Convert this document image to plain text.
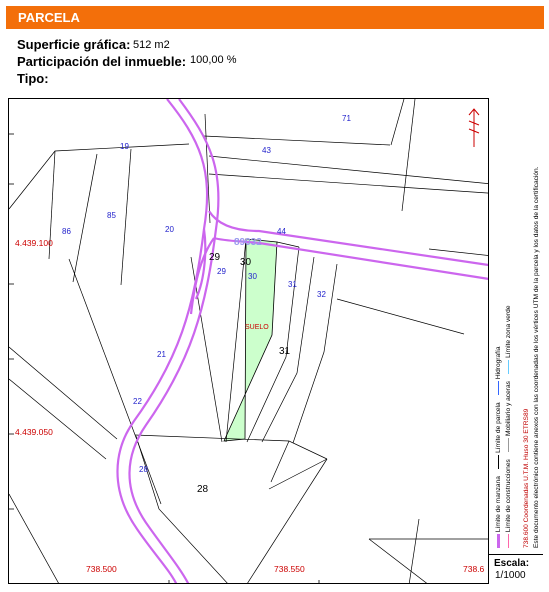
PARCELA
Superficie gráfica: 512 m2
Participación del inmueble: 100,00 %
Tipo:
89032
SUELO
71
43
19
86
85
20	44
29
30
31
32
21
22
28
29 30
31
28
4.439.100
4.439.050
738.500	738.550	738.6
Límite de manzana     Límite de parcela     Hidrografía
Límite de construcciones     Mobiliario y aceras     Límite zona verde
738.600 Coordenadas U.T.M. Huso 30 ETRS89 Este documento electrónico contiene anexos con las coordenadas de los vértices UTM de la parcela y los datos de la certificación.
Escala:
1/1000
